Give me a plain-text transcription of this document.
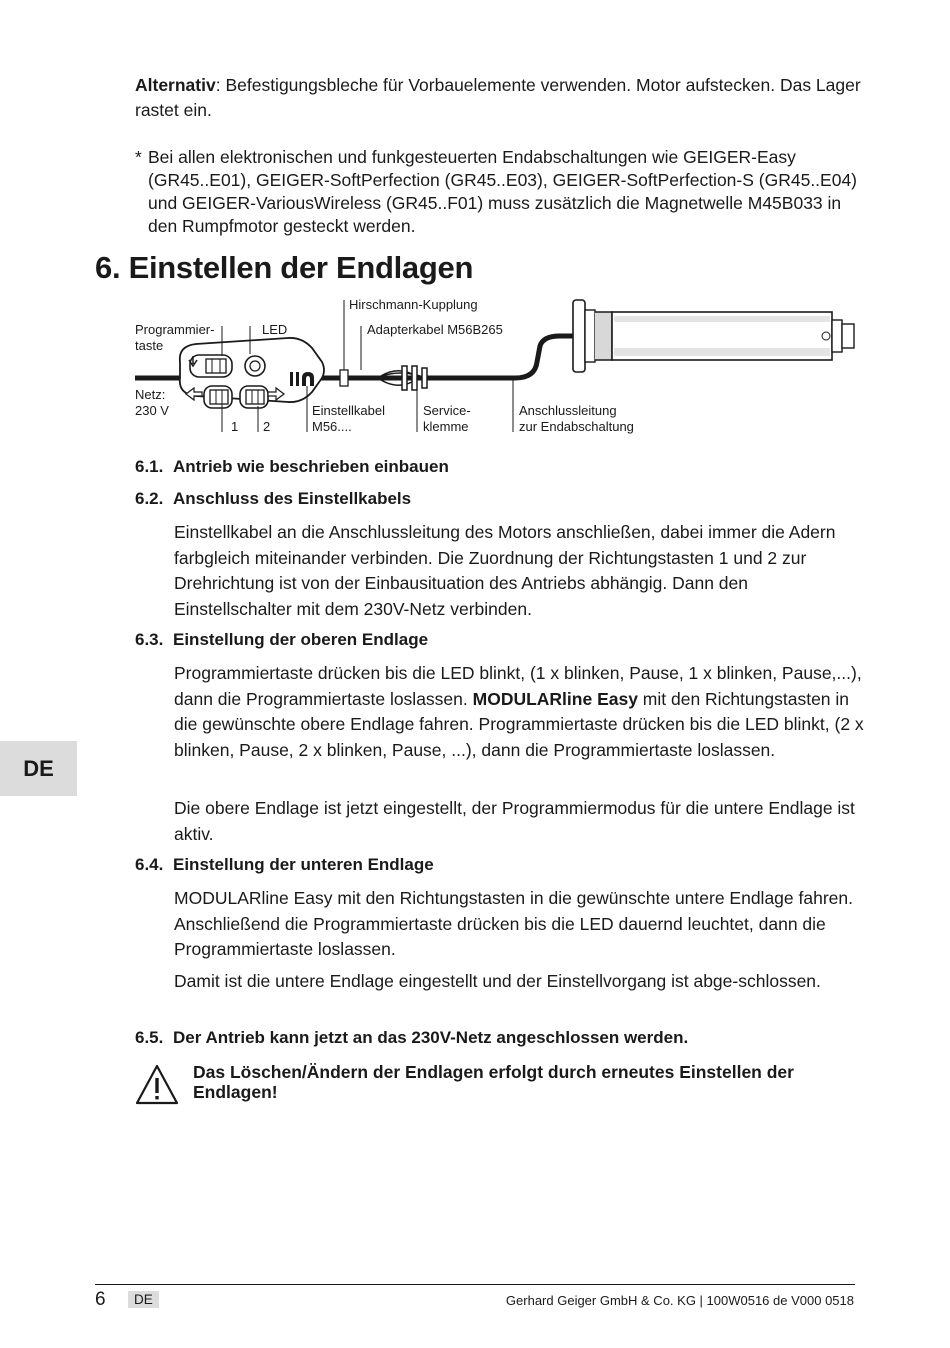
Alternativ: Befestigungsbleche für Vorbauelemente verwenden. Motor aufstecken. Das Lager rastet ein.

* Bei allen elektronischen und funkgesteuerten Endabschaltungen wie GEIGER-Easy (GR45..E01), GEIGER-SoftPerfection (GR45..E03), GEIGER-SoftPerfection-S (GR45..E04) und GEIGER-VariousWireless (GR45..F01) muss zusätzlich die Magnetwelle M45B033 in den Rumpfmotor gesteckt werden.
6. Einstellen der Endlagen
Programmier-
taste
LED
Hirschmann-Kupplung
Adapterkabel M56B265
Netz:
230 V
1 2
Einstellkabel
M56....
Service-
klemme
Anschlussleitung
zur Endabschaltung
6.1. Antrieb wie beschrieben einbauen
6.2. Anschluss des Einstellkabels

Einstellkabel an die Anschlussleitung des Motors anschließen, dabei immer die Adern farbgleich miteinander verbinden. Die Zuordnung der Richtungstasten 1 und 2 zur Drehrichtung ist von der Einbausituation des Antriebs abhängig. Dann den Einstellschalter mit dem 230V-Netz verbinden.

6.3. Einstellung der oberen Endlage

Programmiertaste drücken bis die LED blinkt, (1 x blinken, Pause, 1 x blinken, Pause,...), dann die Programmiertaste loslassen. MODULARline Easy mit den Richtungstasten in die gewünschte obere Endlage fahren. Programmiertaste drücken bis die LED blinkt, (2 x blinken, Pause, 2 x blinken, Pause, ...), dann die Programmiertaste loslassen.

Die obere Endlage ist jetzt eingestellt, der Programmiermodus für die untere Endlage ist aktiv.

6.4. Einstellung der unteren Endlage

MODULARline Easy mit den Richtungstasten in die gewünschte untere Endlage fahren. Anschließend die Programmiertaste drücken bis die LED dauernd leuchtet, dann die Programmiertaste loslassen.

Damit ist die untere Endlage eingestellt und der Einstellvorgang ist abge-schlossen.

6.5. Der Antrieb kann jetzt an das 230V-Netz angeschlossen werden.
Das Löschen/Ändern der Endlagen erfolgt durch erneutes Einstellen der Endlagen!
DE
6	DE	Gerhard Geiger GmbH & Co. KG | 100W0516 de V000 0518
